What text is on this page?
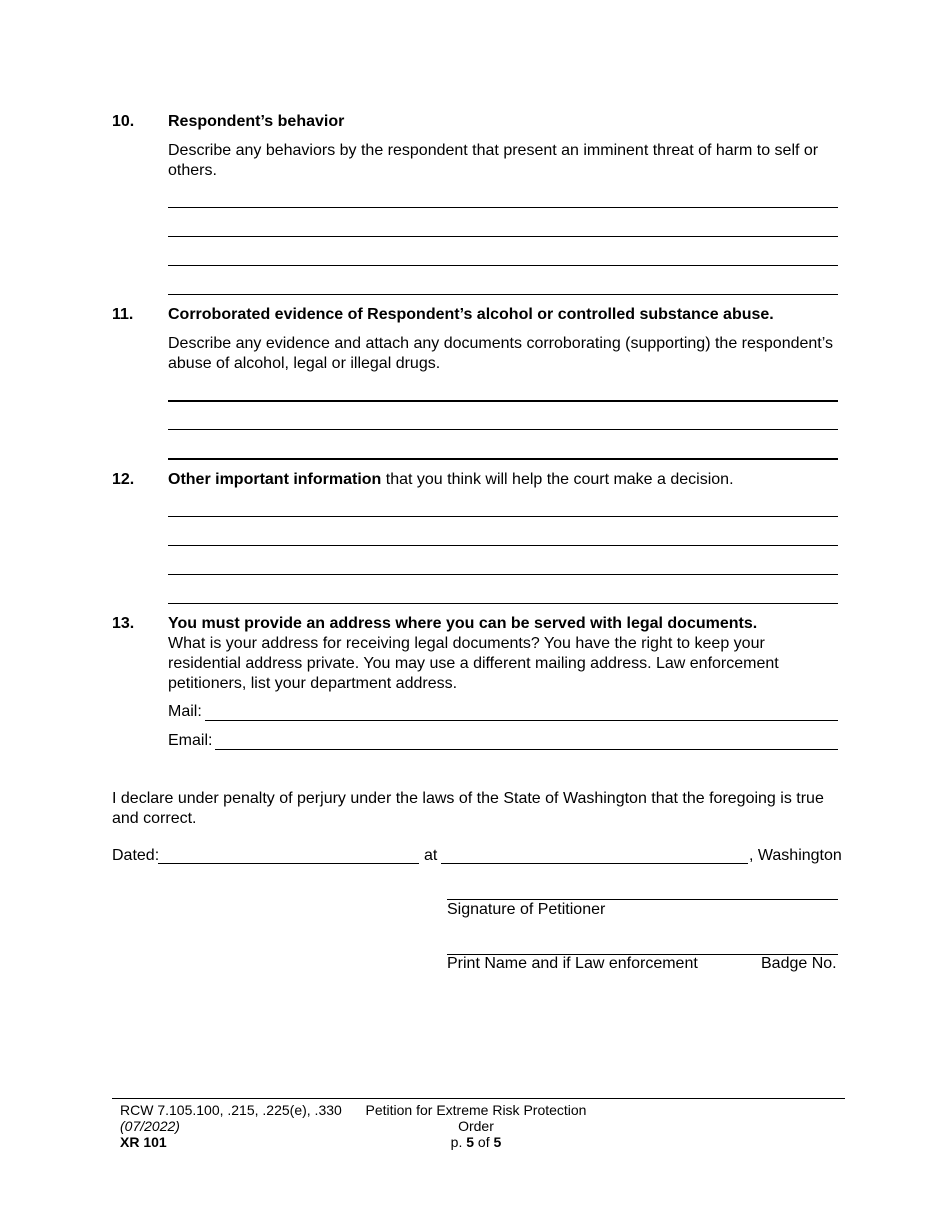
10. Respondent’s behavior
Describe any behaviors by the respondent that present an imminent threat of harm to self or others.
11. Corroborated evidence of Respondent’s alcohol or controlled substance abuse.
Describe any evidence and attach any documents corroborating (supporting) the respondent’s abuse of alcohol, legal or illegal drugs.
12. Other important information that you think will help the court make a decision.
13. You must provide an address where you can be served with legal documents.
What is your address for receiving legal documents? You have the right to keep your residential address private. You may use a different mailing address. Law enforcement petitioners, list your department address.
Mail:
Email:
I declare under penalty of perjury under the laws of the State of Washington that the foregoing is true and correct.
Dated:	at	, Washington
Signature of Petitioner
Print Name and if Law enforcement	Badge No.
RCW 7.105.100, .215, .225(e), .330
(07/2022)
XR 101
Petition for Extreme Risk Protection
Order
p. 5 of 5
